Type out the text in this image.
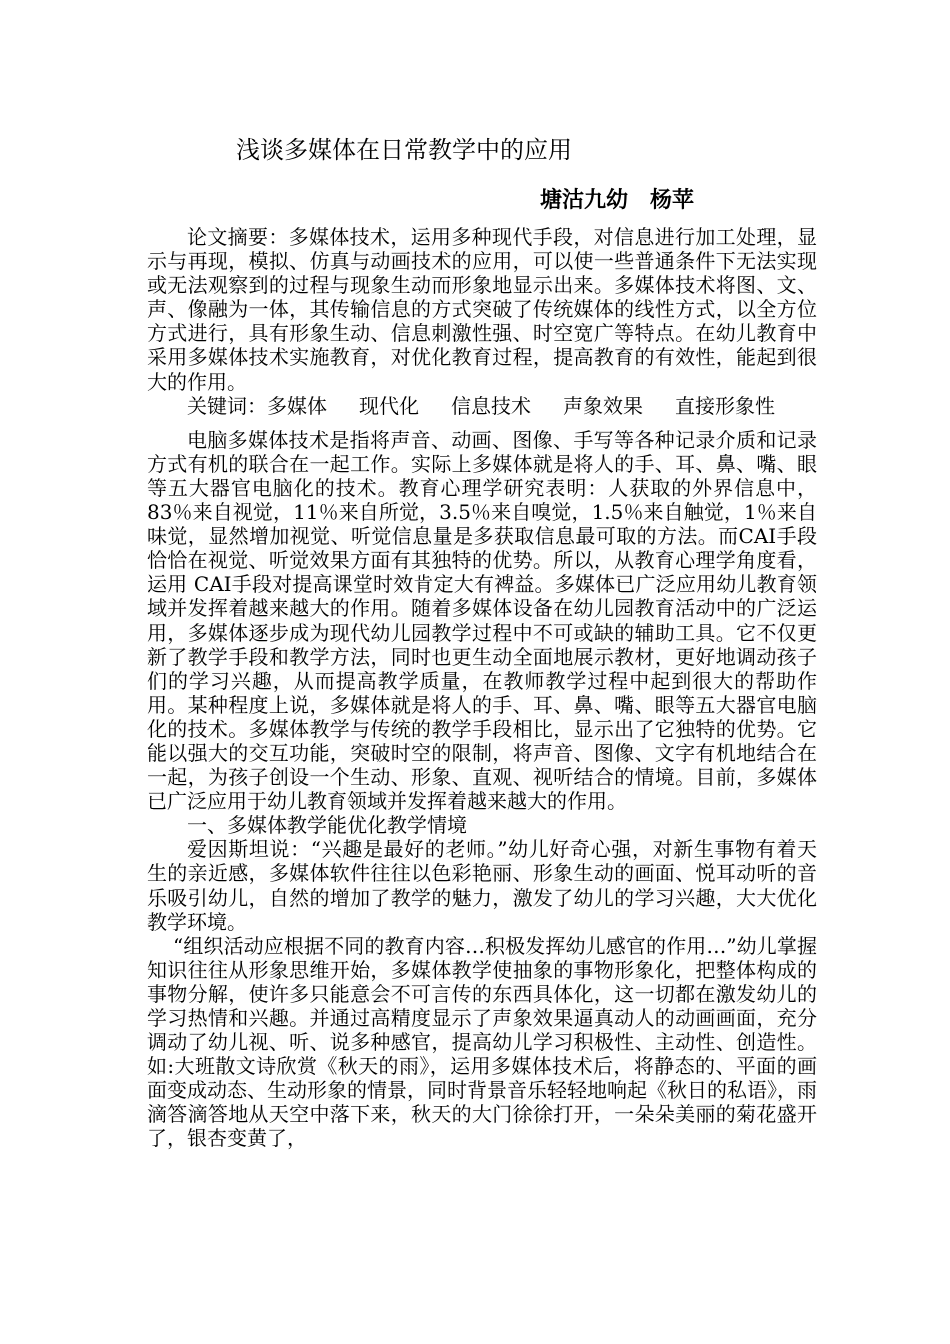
浅谈多媒体在日常教学中的应用
塘沽九幼　杨苹

论文摘要：多媒体技术，运用多种现代手段，对信息进行加工处理，显示与再现，模拟、仿真与动画技术的应用，可以使一些普通条件下无法实现或无法观察到的过程与现象生动而形象地显示出来。多媒体技术将图、文、声、像融为一体，其传输信息的方式突破了传统媒体的线性方式，以全方位方式进行，具有形象生动、信息刺激性强、时空宽广等特点。在幼儿教育中采用多媒体技术实施教育，对优化教育过程，提高教育的有效性，能起到很大的作用。

关键词：多媒体 现代化 信息技术 声象效果 直接形象性

电脑多媒体技术是指将声音、动画、图像、手写等各种记录介质和记录方式有机的联合在一起工作。实际上多媒体就是将人的手、耳、鼻、嘴、眼等五大器官电脑化的技术。教育心理学研究表明：人获取的外界信息中，83％来自视觉，11％来自所觉，3.5％来自嗅觉，1.5％来自触觉，1％来自味觉，显然增加视觉、听觉信息量是多获取信息最可取的方法。而CAI手段恰恰在视觉、听觉效果方面有其独特的优势。所以，从教育心理学角度看，运用 CAI手段对提高课堂时效肯定大有裨益。多媒体已广泛应用幼儿教育领域并发挥着越来越大的作用。随着多媒体设备在幼儿园教育活动中的广泛运用，多媒体逐步成为现代幼儿园教学过程中不可或缺的辅助工具。它不仅更新了教学手段和教学方法，同时也更生动全面地展示教材，更好地调动孩子们的学习兴趣，从而提高教学质量，在教师教学过程中起到很大的帮助作用。某种程度上说，多媒体就是将人的手、耳、鼻、嘴、眼等五大器官电脑化的技术。多媒体教学与传统的教学手段相比，显示出了它独特的优势。它能以强大的交互功能，突破时空的限制，将声音、图像、文字有机地结合在一起，为孩子创设一个生动、形象、直观、视听结合的情境。目前，多媒体已广泛应用于幼儿教育领域并发挥着越来越大的作用。

一、多媒体教学能优化教学情境

爱因斯坦说：“兴趣是最好的老师。”幼儿好奇心强，对新生事物有着天生的亲近感，多媒体软件往往以色彩艳丽、形象生动的画面、悦耳动听的音乐吸引幼儿，自然的增加了教学的魅力，激发了幼儿的学习兴趣，大大优化教学环境。

“组织活动应根据不同的教育内容…积极发挥幼儿感官的作用…”幼儿掌握知识往往从形象思维开始，多媒体教学使抽象的事物形象化，把整体构成的事物分解，使许多只能意会不可言传的东西具体化，这一切都在激发幼儿的学习热情和兴趣。并通过高精度显示了声象效果逼真动人的动画画面，充分调动了幼儿视、听、说多种感官，提高幼儿学习积极性、主动性、创造性。如:大班散文诗欣赏《秋天的雨》，运用多媒体技术后，将静态的、平面的画面变成动态、生动形象的情景，同时背景音乐轻轻地响起《秋日的私语》，雨滴答滴答地从天空中落下来，秋天的大门徐徐打开，一朵朵美丽的菊花盛开了，银杏变黄了，
